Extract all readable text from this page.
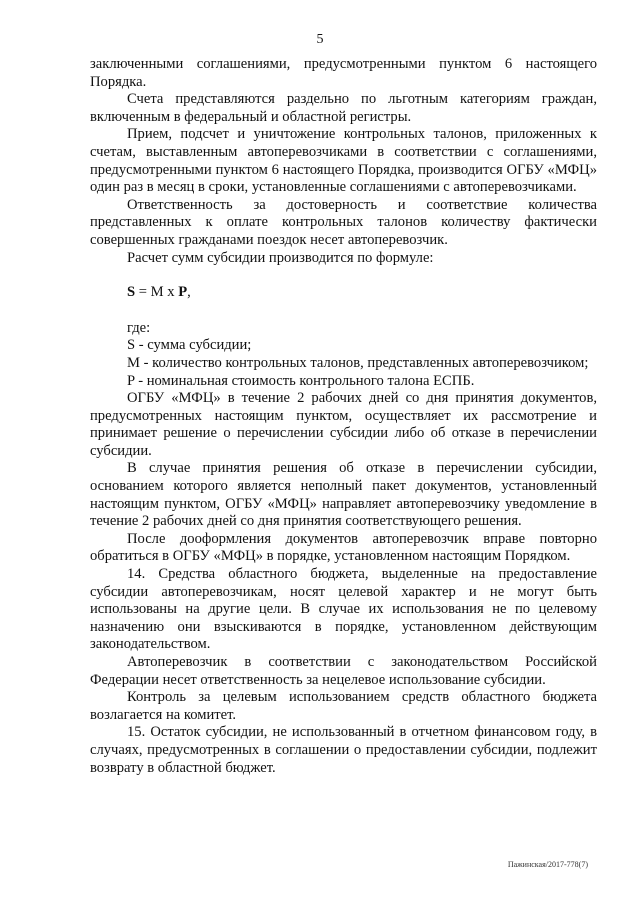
5

заключенными соглашениями, предусмотренными пунктом 6 настоящего Порядка.

Счета представляются раздельно по льготным категориям граждан, включенным в федеральный и областной регистры.

Прием, подсчет и уничтожение контрольных талонов, приложенных к счетам, выставленным автоперевозчиками в соответствии с соглашениями, предусмотренными пунктом 6 настоящего Порядка, производится ОГБУ «МФЦ» один раз в месяц в сроки, установленные соглашениями с автоперевозчиками.

Ответственность за достоверность и соответствие количества представленных к оплате контрольных талонов количеству фактически совершенных гражданами поездок несет автоперевозчик.

Расчет сумм субсидии производится по формуле:

S = M x P,

где:

S - сумма субсидии;

M - количество контрольных талонов, представленных автоперевозчиком;

P - номинальная стоимость контрольного талона ЕСПБ.

ОГБУ «МФЦ» в течение 2 рабочих дней со дня принятия документов, предусмотренных настоящим пунктом, осуществляет их рассмотрение и принимает решение о перечислении субсидии либо об отказе в перечислении субсидии.

В случае принятия решения об отказе в перечислении субсидии, основанием которого является неполный пакет документов, установленный настоящим пунктом, ОГБУ «МФЦ» направляет автоперевозчику уведомление в течение 2 рабочих дней со дня принятия соответствующего решения.

После дооформления документов автоперевозчик вправе повторно обратиться в ОГБУ «МФЦ» в порядке, установленном настоящим Порядком.

14. Средства областного бюджета, выделенные на предоставление субсидии автоперевозчикам, носят целевой характер и не могут быть использованы на другие цели. В случае их использования не по целевому назначению они взыскиваются в порядке, установленном действующим законодательством.

Автоперевозчик в соответствии с законодательством Российской Федерации несет ответственность за нецелевое использование субсидии.

Контроль за целевым использованием средств областного бюджета возлагается на комитет.

15. Остаток субсидии, не использованный в отчетном финансовом году, в случаях, предусмотренных в соглашении о предоставлении субсидии, подлежит возврату в областной бюджет.

Пажинская/2017-778(7)
